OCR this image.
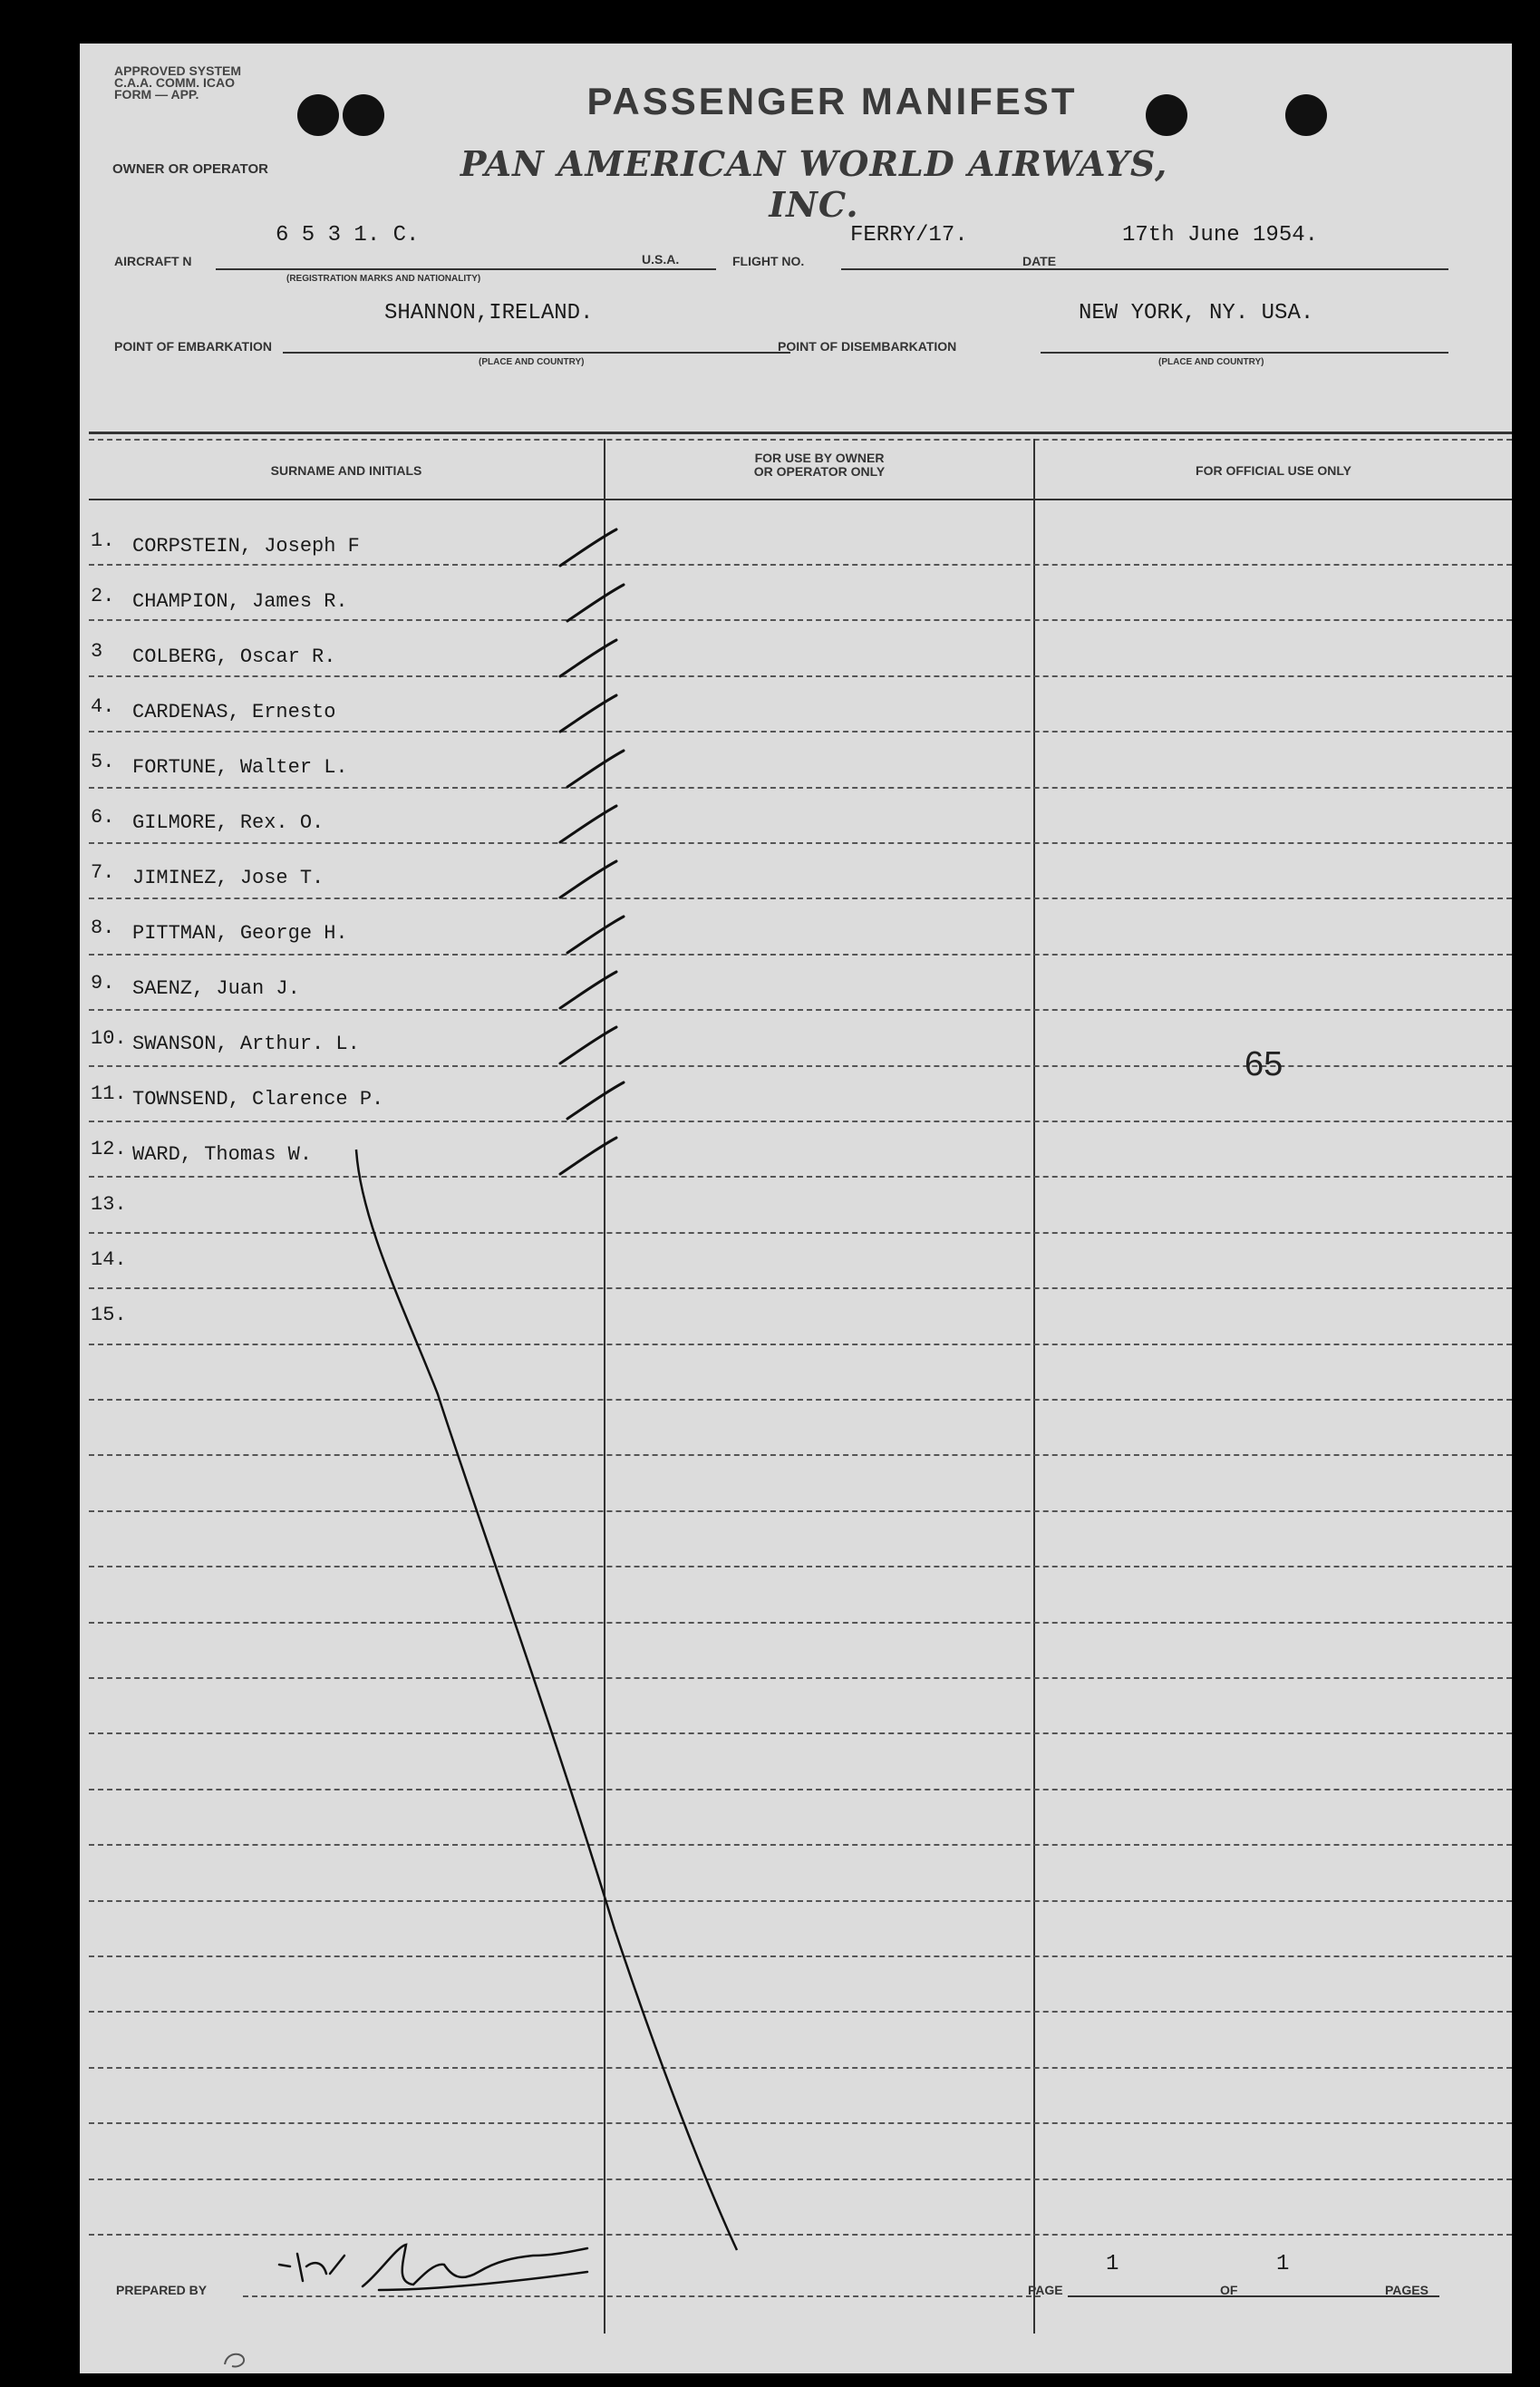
APPROVED SYSTEM C.A.A. COMM. ICAO FORM — APP.	PASSENGER MANIFEST
OWNER OR OPERATOR	PAN AMERICAN WORLD AIRWAYS, INC.
AIRCRAFT N
6 5 3 1. C.
(REGISTRATION MARKS AND NATIONALITY)
U.S.A.	FLIGHT NO.
FERRY/17.
DATE
17th June 1954.
SHANNON,IRELAND.
POINT OF EMBARKATION
(PLACE AND COUNTRY)
POINT OF DISEMBARKATION
NEW YORK, NY. USA.
(PLACE AND COUNTRY)
SURNAME AND INITIALS
FOR USE BY OWNER
OR OPERATOR ONLY	FOR OFFICIAL USE ONLY
1. CORPSTEIN, Joseph F
2. CHAMPION, James R.
3 COLBERG, Oscar R.
4. CARDENAS, Ernesto
5. FORTUNE, Walter L.
6. GILMORE, Rex. O.
7. JIMINEZ, Jose T.
8. PITTMAN, George H.
9. SAENZ, Juan J.
10. SWANSON, Arthur. L.
11. TOWNSEND, Clarence P.
12. WARD, Thomas W.
13.
14.
15.
65
PREPARED BY	PAGE
1
OF
1
PAGES
